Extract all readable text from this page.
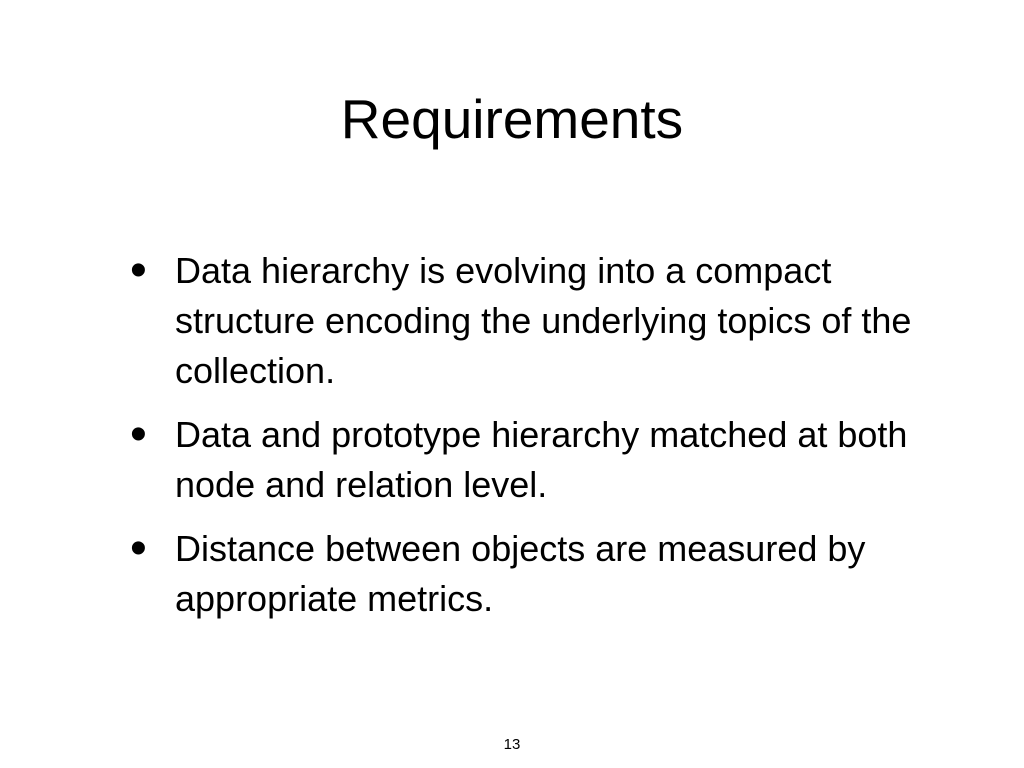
Requirements
• Data hierarchy is evolving into a compact structure encoding the underlying topics of the collection.
• Data and prototype hierarchy matched at both node and relation level.
• Distance between objects are measured by appropriate metrics.
13
